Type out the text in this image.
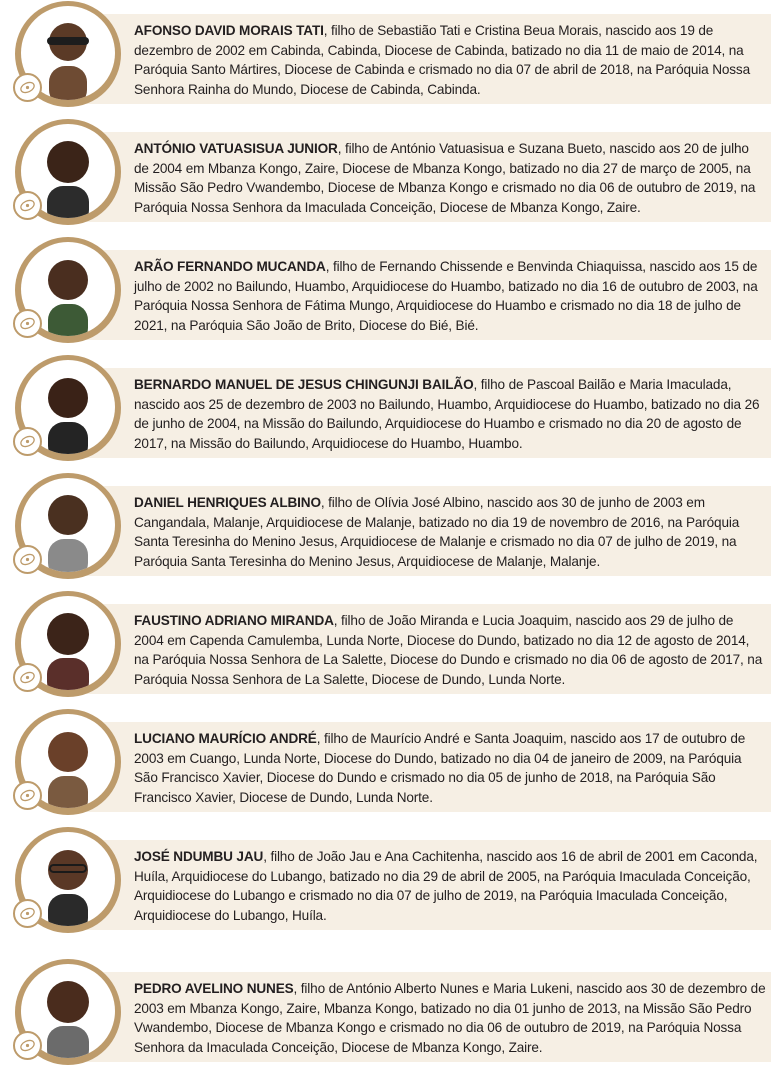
AFONSO DAVID MORAIS TATI, filho de Sebastião Tati e Cristina Beua Morais, nascido aos 19 de dezembro de 2002 em Cabinda, Cabinda, Diocese de Cabinda, batizado no dia 11 de maio de 2014, na Paróquia Santo Mártires, Diocese de Cabinda e crismado no dia 07 de abril de 2018, na Paróquia Nossa Senhora Rainha do Mundo, Diocese de Cabinda, Cabinda.

ANTÓNIO VATUASISUA JUNIOR, filho de António Vatuasisua e Suzana Bueto, nascido aos 20 de julho de 2004 em Mbanza Kongo, Zaire, Diocese de Mbanza Kongo, batizado no dia 27 de março de 2005, na Missão São Pedro Vwandembo, Diocese de Mbanza Kongo e crismado no dia 06 de outubro de 2019, na Paróquia Nossa Senhora da Imaculada Conceição, Diocese de Mbanza Kongo, Zaire.

ARÃO FERNANDO MUCANDA, filho de Fernando Chissende e Benvinda Chiaquissa, nascido aos 15 de julho de 2002 no Bailundo, Huambo, Arquidiocese do Huambo, batizado no dia 16 de outubro de 2003, na Paróquia Nossa Senhora de Fátima Mungo, Arquidiocese do Huambo e crismado no dia 18 de julho de 2021, na Paróquia São João de Brito, Diocese do Bié, Bié.

BERNARDO MANUEL DE JESUS CHINGUNJI BAILÃO, filho de Pascoal Bailão e Maria Imaculada, nascido aos 25 de dezembro de 2003 no Bailundo, Huambo, Arquidiocese do Huambo, batizado no dia 26 de junho de 2004, na Missão do Bailundo, Arquidiocese do Huambo e crismado no dia 20 de agosto de 2017, na Missão do Bailundo, Arquidiocese do Huambo, Huambo.

DANIEL HENRIQUES ALBINO, filho de Olívia José Albino, nascido aos 30 de junho de 2003 em Cangandala, Malanje, Arquidiocese de Malanje, batizado no dia 19 de novembro de 2016, na Paróquia Santa Teresinha do Menino Jesus, Arquidiocese de Malanje e crismado no dia 07 de julho de 2019, na Paróquia Santa Teresinha do Menino Jesus, Arquidiocese de Malanje, Malanje.

FAUSTINO ADRIANO MIRANDA, filho de João Miranda e Lucia Joaquim, nascido aos 29 de julho de 2004 em Capenda Camulemba, Lunda Norte, Diocese do Dundo, batizado no dia 12 de agosto de 2014, na Paróquia Nossa Senhora de La Salette, Diocese do Dundo e crismado no dia 06 de agosto de 2017, na Paróquia Nossa Senhora de La Salette, Diocese de Dundo, Lunda Norte.

LUCIANO MAURÍCIO ANDRÉ, filho de Maurício André e Santa Joaquim, nascido aos 17 de outubro de 2003 em Cuango, Lunda Norte, Diocese do Dundo, batizado no dia 04 de janeiro de 2009, na Paróquia São Francisco Xavier, Diocese do Dundo e crismado no dia 05 de junho de 2018, na Paróquia São Francisco Xavier, Diocese de Dundo, Lunda Norte.

JOSÉ NDUMBU JAU, filho de João Jau e Ana Cachitenha, nascido aos 16 de abril de 2001 em Caconda, Huíla, Arquidiocese do Lubango, batizado no dia 29 de abril de 2005, na Paróquia Imaculada Conceição, Arquidiocese do Lubango e crismado no dia 07 de julho de 2019, na Paróquia Imaculada Conceição, Arquidiocese do Lubango, Huíla.

PEDRO AVELINO NUNES, filho de António Alberto Nunes e Maria Lukeni, nascido aos 30 de dezembro de 2003 em Mbanza Kongo, Zaire, Mbanza Kongo, batizado no dia 01 junho de 2013, na Missão São Pedro Vwandembo, Diocese de Mbanza Kongo e crismado no dia 06 de outubro de 2019, na Paróquia Nossa Senhora da Imaculada Conceição, Diocese de Mbanza Kongo, Zaire.
